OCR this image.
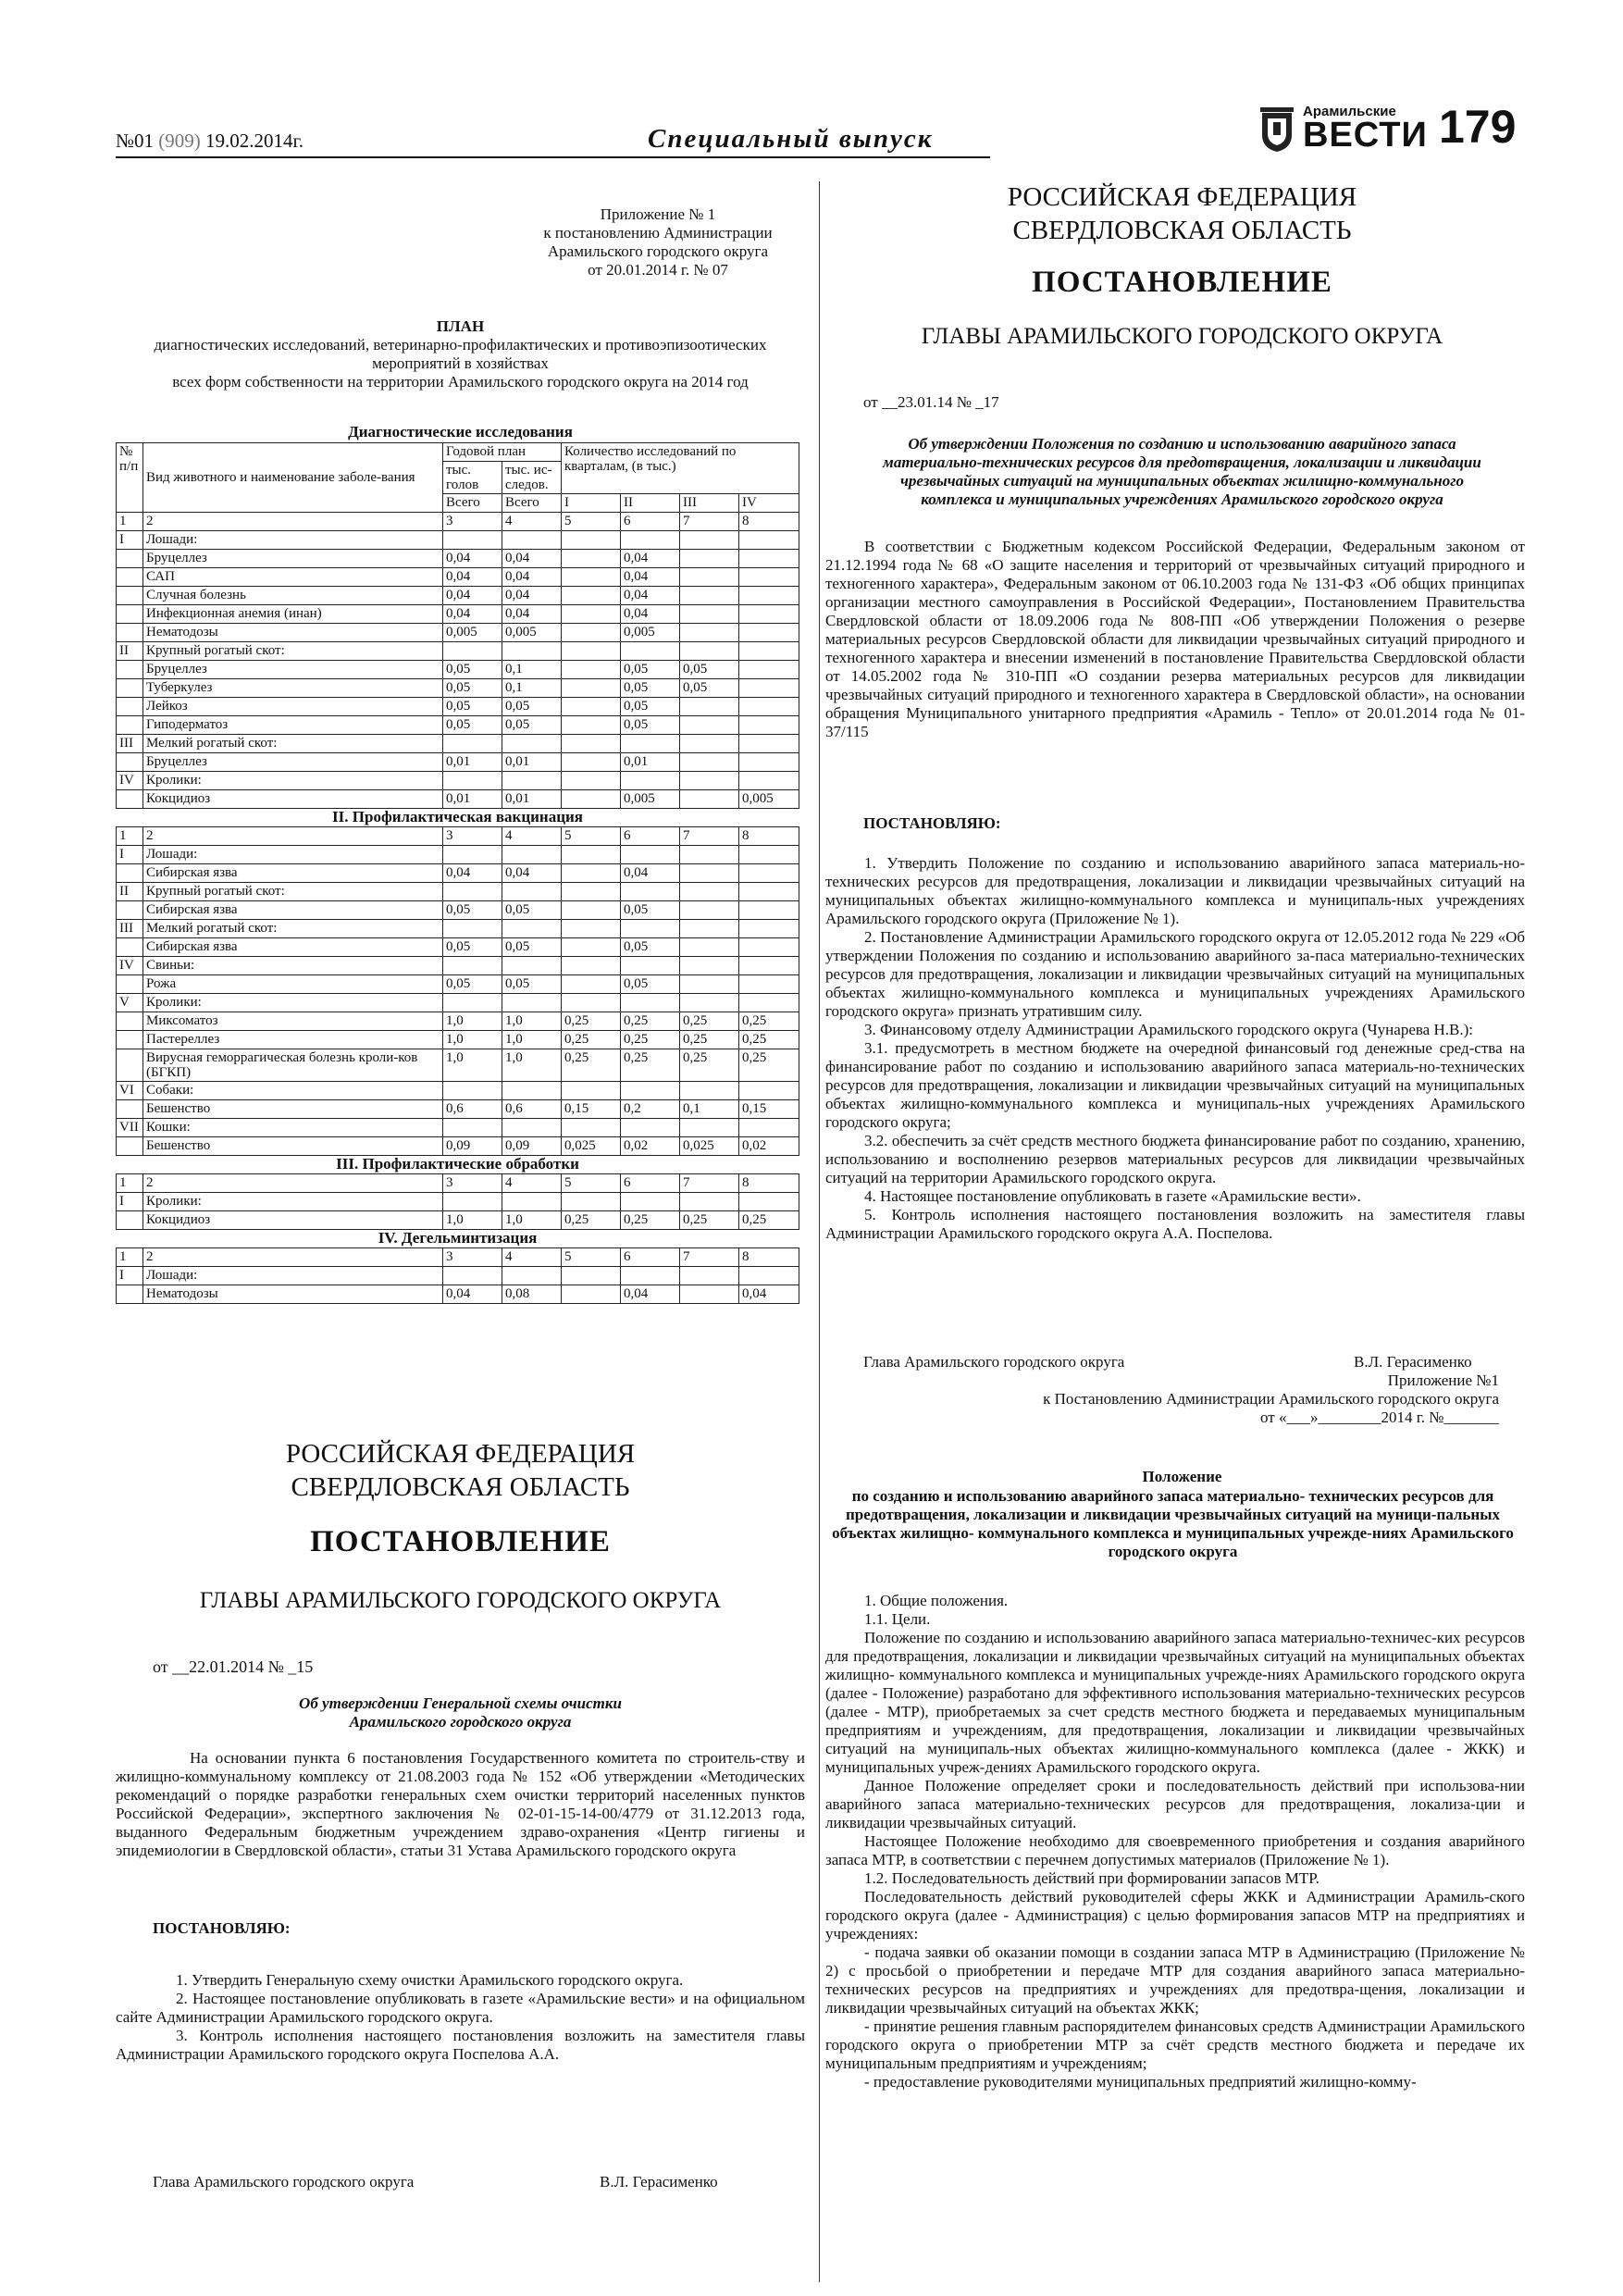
№01 (909) 19.02.2014г.	Специальный выпуск
Арамильские
ВЕСТИ 179
Приложение № 1
к постановлению Администрации
Арамильского городского округа
от 20.01.2014 г. № 07
ПЛАН
диагностических исследований, ветеринарно-профилактических и противоэпизоотических
мероприятий в хозяйствах
всех форм собственности на территории Арамильского городского округа на 2014 год
Диагностические исследования
№ п/п	Вид животного и наименование заболе-вания	Годовой план		Количество исследований по кварталам, (в тыс.)			
		тыс. голов	тыс. ис-следов.				
		Всего	Всего	I	II	III	IV
1	2	3	4	5	6	7	8
I	Лошади:						
	Бруцеллез	0,04	0,04		0,04		
	САП	0,04	0,04		0,04		
	Случная болезнь	0,04	0,04		0,04		
	Инфекционная анемия (инан)	0,04	0,04		0,04		
	Нематодозы	0,005	0,005		0,005		
II	Крупный рогатый скот:						
	Бруцеллез	0,05	0,1		0,05	0,05	
	Туберкулез	0,05	0,1		0,05	0,05	
	Лейкоз	0,05	0,05		0,05		
	Гиподерматоз	0,05	0,05		0,05		
III	Мелкий рогатый скот:						
	Бруцеллез	0,01	0,01		0,01		
IV	Кролики:						
	Кокцидиоз	0,01	0,01		0,005		0,005
II. Профилактическая вакцинация							
1	2	3	4	5	6	7	8
I	Лошади:						
	Сибирская язва	0,04	0,04		0,04		
II	Крупный рогатый скот:						
	Сибирская язва	0,05	0,05		0,05		
III	Мелкий рогатый скот:						
	Сибирская язва	0,05	0,05		0,05		
IV	Свиньи:						
	Рожа	0,05	0,05		0,05		
V	Кролики:						
	Миксоматоз	1,0	1,0	0,25	0,25	0,25	0,25
	Пастереллез	1,0	1,0	0,25	0,25	0,25	0,25
	Вирусная геморрагическая болезнь кроли-ков (БГКП)	1,0	1,0	0,25	0,25	0,25	0,25
VI	Собаки:						
	Бешенство	0,6	0,6	0,15	0,2	0,1	0,15
VII	Кошки:						
	Бешенство	0,09	0,09	0,025	0,02	0,025	0,02
III. Профилактические обработки							
1	2	3	4	5	6	7	8
I	Кролики:						
	Кокцидиоз	1,0	1,0	0,25	0,25	0,25	0,25
IV. Дегельминтизация							
1	2	3	4	5	6	7	8
I	Лошади:						
	Нематодозы	0,04	0,08		0,04		0,04
РОССИЙСКАЯ ФЕДЕРАЦИЯ
СВЕРДЛОВСКАЯ ОБЛАСТЬ
ПОСТАНОВЛЕНИЕ
ГЛАВЫ АРАМИЛЬСКОГО ГОРОДСКОГО ОКРУГА
от __22.01.2014 № _15
Об утверждении Генеральной схемы очистки
Арамильского городского округа
На основании пункта 6 постановления Государственного комитета по строитель-ству и жилищно-коммунальному комплексу от 21.08.2003 года № 152 «Об утверждении «Методических рекомендаций о порядке разработки генеральных схем очистки территорий населенных пунктов Российской Федерации», экспертного заключения № 02-01-15-14-00/4779 от 31.12.2013 года, выданного Федеральным бюджетным учреждением здраво-охранения «Центр гигиены и эпидемиологии в Свердловской области», статьи 31 Устава Арамильского городского округа
ПОСТАНОВЛЯЮ:

1. Утвердить Генеральную схему очистки Арамильского городского округа.

2. Настоящее постановление опубликовать в газете «Арамильские вести» и на официальном сайте Администрации Арамильского городского округа.

3. Контроль исполнения настоящего постановления возложить на заместителя главы Администрации Арамильского городского округа Поспелова А.А.

Глава Арамильского городского округа	В.Л. Герасименко
РОССИЙСКАЯ ФЕДЕРАЦИЯ
СВЕРДЛОВСКАЯ ОБЛАСТЬ
ПОСТАНОВЛЕНИЕ
ГЛАВЫ АРАМИЛЬСКОГО ГОРОДСКОГО ОКРУГА
от __23.01.14 № _17
Об утверждении Положения по созданию и использованию аварийного запаса
материально-технических ресурсов для предотвращения, локализации и ликвидации
чрезвычайных ситуаций на муниципальных объектах жилищно-коммунального
комплекса и муниципальных учреждениях Арамильского городского округа
В соответствии с Бюджетным кодексом Российской Федерации, Федеральным законом от 21.12.1994 года № 68 «О защите населения и территорий от чрезвычайных ситуаций природного и техногенного характера», Федеральным законом от 06.10.2003 года № 131-ФЗ «Об общих принципах организации местного самоуправления в Российской Федерации», Постановлением Правительства Свердловской области от 18.09.2006 года № 808-ПП «Об утверждении Положения о резерве материальных ресурсов Свердловской области для ликвидации чрезвычайных ситуаций природного и техногенного характера и внесении изменений в постановление Правительства Свердловской области от 14.05.2002 года № 310-ПП «О создании резерва материальных ресурсов для ликвидации чрезвычайных ситуаций природного и техногенного характера в Свердловской области», на основании обращения Муниципального унитарного предприятия «Арамиль - Тепло» от 20.01.2014 года № 01-37/115
ПОСТАНОВЛЯЮ:

1. Утвердить Положение по созданию и использованию аварийного запаса материаль-но-технических ресурсов для предотвращения, локализации и ликвидации чрезвычайных ситуаций на муниципальных объектах жилищно-коммунального комплекса и муниципаль-ных учреждениях Арамильского городского округа (Приложение № 1).

2. Постановление Администрации Арамильского городского округа от 12.05.2012 года № 229 «Об утверждении Положения по созданию и использованию аварийного за-паса материально-технических ресурсов для предотвращения, локализации и ликвидации чрезвычайных ситуаций на муниципальных объектах жилищно-коммунального комплекса и муниципальных учреждениях Арамильского городского округа» признать утратившим силу.

3. Финансовому отделу Администрации Арамильского городского округа (Чунарева Н.В.):

3.1. предусмотреть в местном бюджете на очередной финансовый год денежные сред-ства на финансирование работ по созданию и использованию аварийного запаса материаль-но-технических ресурсов для предотвращения, локализации и ликвидации чрезвычайных ситуаций на муниципальных объектах жилищно-коммунального комплекса и муниципаль-ных учреждениях Арамильского городского округа;

3.2. обеспечить за счёт средств местного бюджета финансирование работ по созданию, хранению, использованию и восполнению резервов материальных ресурсов для ликвидации чрезвычайных ситуаций на территории Арамильского городского округа.

4. Настоящее постановление опубликовать в газете «Арамильские вести».

5. Контроль исполнения настоящего постановления возложить на заместителя главы Администрации Арамильского городского округа А.А. Поспелова.

Глава Арамильского городского округа	В.Л. Герасименко
Приложение №1
к Постановлению Администрации Арамильского городского округа
от «___»________2014 г. №_______
Положение
по созданию и использованию аварийного запаса материально- технических ресурсов для предотвращения, локализации и ликвидации чрезвычайных ситуаций на муници-пальных объектах жилищно- коммунального комплекса и муниципальных учрежде-ниях Арамильского городского округа

1. Общие положения.

1.1. Цели.

Положение по созданию и использованию аварийного запаса материально-техничес-ких ресурсов для предотвращения, локализации и ликвидации чрезвычайных ситуаций на муниципальных объектах жилищно- коммунального комплекса и муниципальных учрежде-ниях Арамильского городского округа (далее - Положение) разработано для эффективного использования материально-технических ресурсов (далее - МТР), приобретаемых за счет средств местного бюджета и передаваемых муниципальным предприятиям и учреждениям, для предотвращения, локализации и ликвидации чрезвычайных ситуаций на муниципаль-ных объектах жилищно-коммунального комплекса (далее - ЖКК) и муниципальных учреж-дениях Арамильского городского округа.

Данное Положение определяет сроки и последовательность действий при использова-нии аварийного запаса материально-технических ресурсов для предотвращения, локализа-ции и ликвидации чрезвычайных ситуаций.

Настоящее Положение необходимо для своевременного приобретения и создания аварийного запаса МТР, в соответствии с перечнем допустимых материалов (Приложение № 1).

1.2. Последовательность действий при формировании запасов МТР.

Последовательность действий руководителей сферы ЖКК и Администрации Арамиль-ского городского округа (далее - Администрация) с целью формирования запасов МТР на предприятиях и учреждениях:

- подача заявки об оказании помощи в создании запаса МТР в Администрацию (Приложение № 2) с просьбой о приобретении и передаче МТР для создания аварийного запаса материально-технических ресурсов на предприятиях и учреждениях для предотвра-щения, локализации и ликвидации чрезвычайных ситуаций на объектах ЖКК;

- принятие решения главным распорядителем финансовых средств Администрации Арамильского городского округа о приобретении МТР за счёт средств местного бюджета и передаче их муниципальным предприятиям и учреждениям;

- предоставление руководителями муниципальных предприятий жилищно-комму-
